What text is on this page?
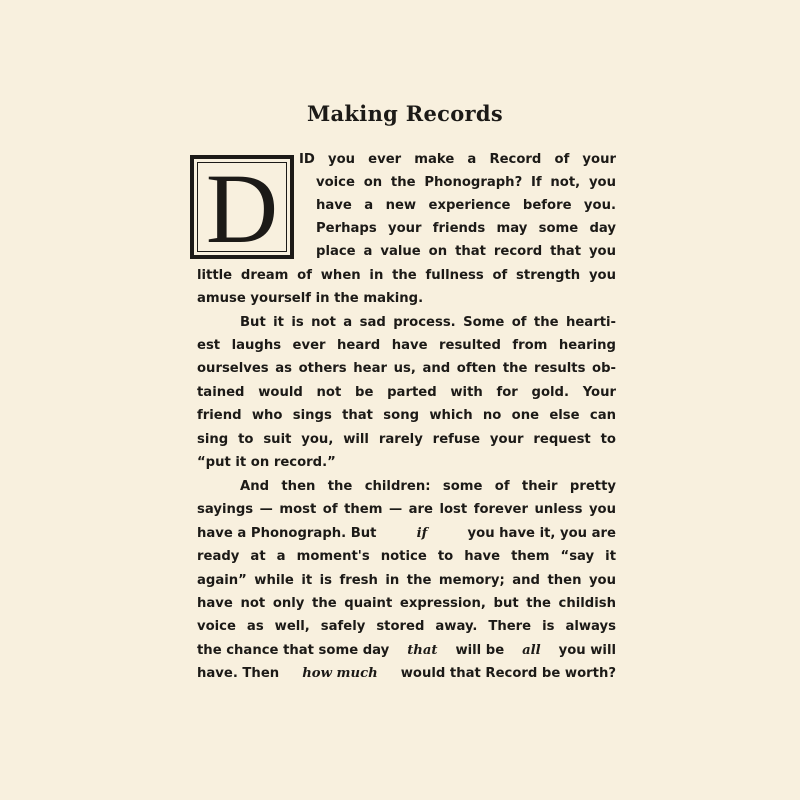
Making Records
D ID you ever make a Record of your
voice on the Phonograph? If not, you
have a new experience before you.
Perhaps your friends may some day
place a value on that record that you
little dream of when in the fullness of strength you
amuse yourself in the making.
But it is not a sad process. Some of the hearti-
est laughs ever heard have resulted from hearing
ourselves as others hear us, and often the results ob-
tained would not be parted with for gold. Your
friend who sings that song which no one else can
sing to suit you, will rarely refuse your request to
“put it on record.”
And then the children: some of their pretty
sayings — most of them — are lost forever unless you
have a Phonograph. But	if	you have it, you are
ready at a moment's notice to have them “say it
again” while it is fresh in the memory; and then you
have not only the quaint expression, but the childish
voice as well, safely stored away. There is always
the chance that some day that will be all you will
have. Then how much would that Record be worth?
